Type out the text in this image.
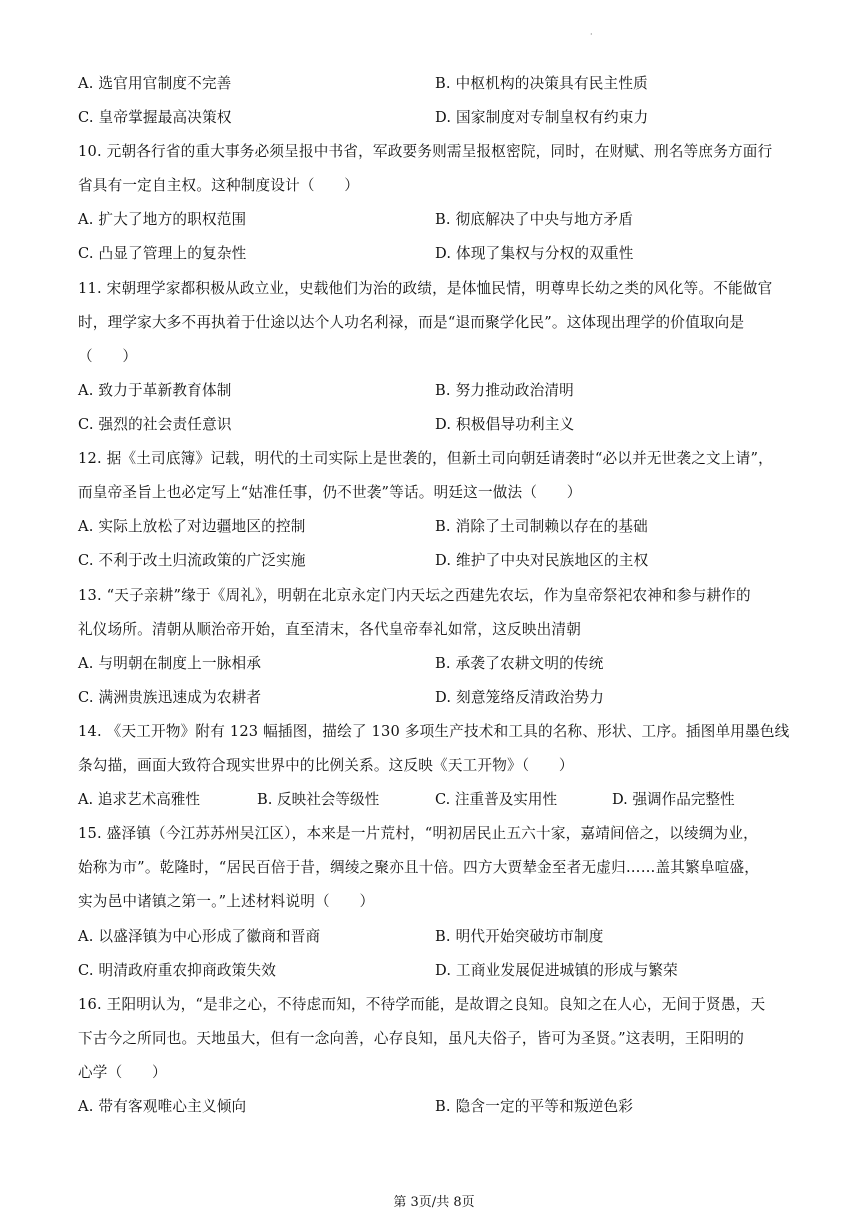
·
A. 选官用官制度不完善	B. 中枢机构的决策具有民主性质
C. 皇帝掌握最高决策权	D. 国家制度对专制皇权有约束力
10. 元朝各行省的重大事务必须呈报中书省，军政要务则需呈报枢密院，同时，在财赋、刑名等庶务方面行
省具有一定自主权。这种制度设计（　　）
A. 扩大了地方的职权范围	B. 彻底解决了中央与地方矛盾
C. 凸显了管理上的复杂性	D. 体现了集权与分权的双重性
11. 宋朝理学家都积极从政立业，史载他们为治的政绩，是体恤民情，明尊卑长幼之类的风化等。不能做官
时，理学家大多不再执着于仕途以达个人功名利禄，而是“退而聚学化民”。这体现出理学的价值取向是
（　　）
A. 致力于革新教育体制	B. 努力推动政治清明
C. 强烈的社会责任意识	D. 积极倡导功利主义
12. 据《土司底簿》记载，明代的土司实际上是世袭的，但新土司向朝廷请袭时“必以并无世袭之文上请”，
而皇帝圣旨上也必定写上“姑准任事，仍不世袭”等话。明廷这一做法（　　）
A. 实际上放松了对边疆地区的控制	B. 消除了土司制赖以存在的基础
C. 不利于改土归流政策的广泛实施	D. 维护了中央对民族地区的主权
13. “天子亲耕”缘于《周礼》，明朝在北京永定门内天坛之西建先农坛，作为皇帝祭祀农神和参与耕作的
礼仪场所。清朝从顺治帝开始，直至清末，各代皇帝奉礼如常，这反映出清朝
A. 与明朝在制度上一脉相承	B. 承袭了农耕文明的传统
C. 满洲贵族迅速成为农耕者	D. 刻意笼络反清政治势力
14. 《天工开物》附有 123 幅插图，描绘了 130 多项生产技术和工具的名称、形状、工序。插图单用墨色线
条勾描，画面大致符合现实世界中的比例关系。这反映《天工开物》（　　）
A. 追求艺术高雅性	B. 反映社会等级性	C. 注重普及实用性	D. 强调作品完整性
15. 盛泽镇（今江苏苏州吴江区），本来是一片荒村，“明初居民止五六十家，嘉靖间倍之，以绫绸为业，
始称为市”。乾隆时，“居民百倍于昔，绸绫之聚亦且十倍。四方大贾辇金至者无虚归……盖其繁阜喧盛，
实为邑中诸镇之第一。”上述材料说明（　　）
A. 以盛泽镇为中心形成了徽商和晋商	B. 明代开始突破坊市制度
C. 明清政府重农抑商政策失效	D. 工商业发展促进城镇的形成与繁荣
16. 王阳明认为，“是非之心，不待虑而知，不待学而能，是故谓之良知。良知之在人心，无间于贤愚，天
下古今之所同也。天地虽大，但有一念向善，心存良知，虽凡夫俗子，皆可为圣贤。”这表明，王阳明的
心学（　　）
A. 带有客观唯心主义倾向	B. 隐含一定的平等和叛逆色彩
第 3页/共 8页
